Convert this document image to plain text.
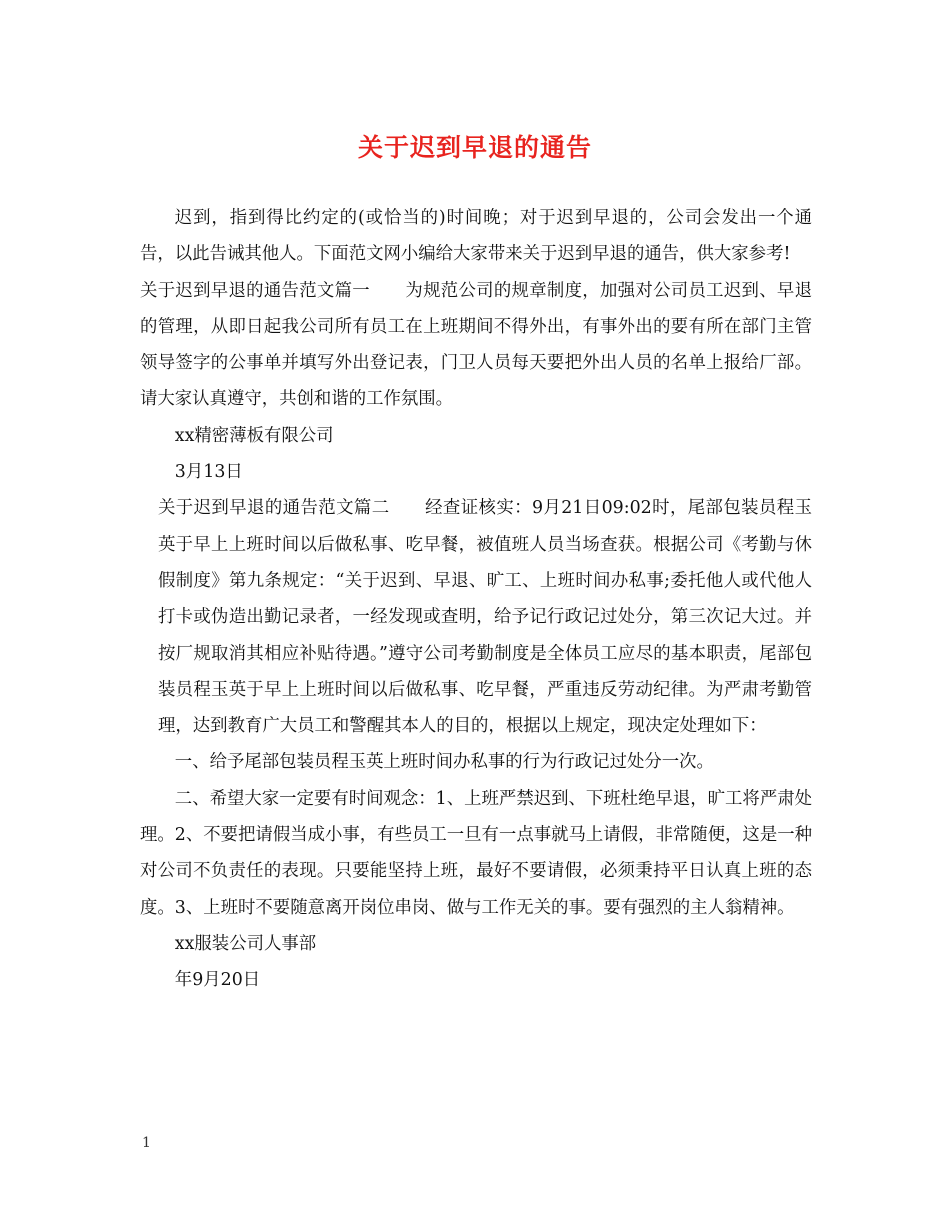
关于迟到早退的通告

迟到，指到得比约定的(或恰当的)时间晚；对于迟到早退的，公司会发出一个通告，以此告诫其他人。下面范文网小编给大家带来关于迟到早退的通告，供大家参考!

关于迟到早退的通告范文篇一　　为规范公司的规章制度，加强对公司员工迟到、早退的管理，从即日起我公司所有员工在上班期间不得外出，有事外出的要有所在部门主管领导签字的公事单并填写外出登记表，门卫人员每天要把外出人员的名单上报给厂部。请大家认真遵守，共创和谐的工作氛围。

xx精密薄板有限公司

3月13日

关于迟到早退的通告范文篇二　　经查证核实：9月21日09:02时，尾部包装员程玉英于早上上班时间以后做私事、吃早餐，被值班人员当场查获。根据公司《考勤与休假制度》第九条规定：“关于迟到、早退、旷工、上班时间办私事;委托他人或代他人打卡或伪造出勤记录者，一经发现或查明，给予记行政记过处分，第三次记大过。并按厂规取消其相应补贴待遇。”遵守公司考勤制度是全体员工应尽的基本职责，尾部包装员程玉英于早上上班时间以后做私事、吃早餐，严重违反劳动纪律。为严肃考勤管理，达到教育广大员工和警醒其本人的目的，根据以上规定，现决定处理如下：

一、给予尾部包装员程玉英上班时间办私事的行为行政记过处分一次。

二、希望大家一定要有时间观念：1、上班严禁迟到、下班杜绝早退，旷工将严肃处理。2、不要把请假当成小事，有些员工一旦有一点事就马上请假，非常随便，这是一种对公司不负责任的表现。只要能坚持上班，最好不要请假，必须秉持平日认真上班的态度。3、上班时不要随意离开岗位串岗、做与工作无关的事。要有强烈的主人翁精神。

xx服装公司人事部

年9月20日

1
